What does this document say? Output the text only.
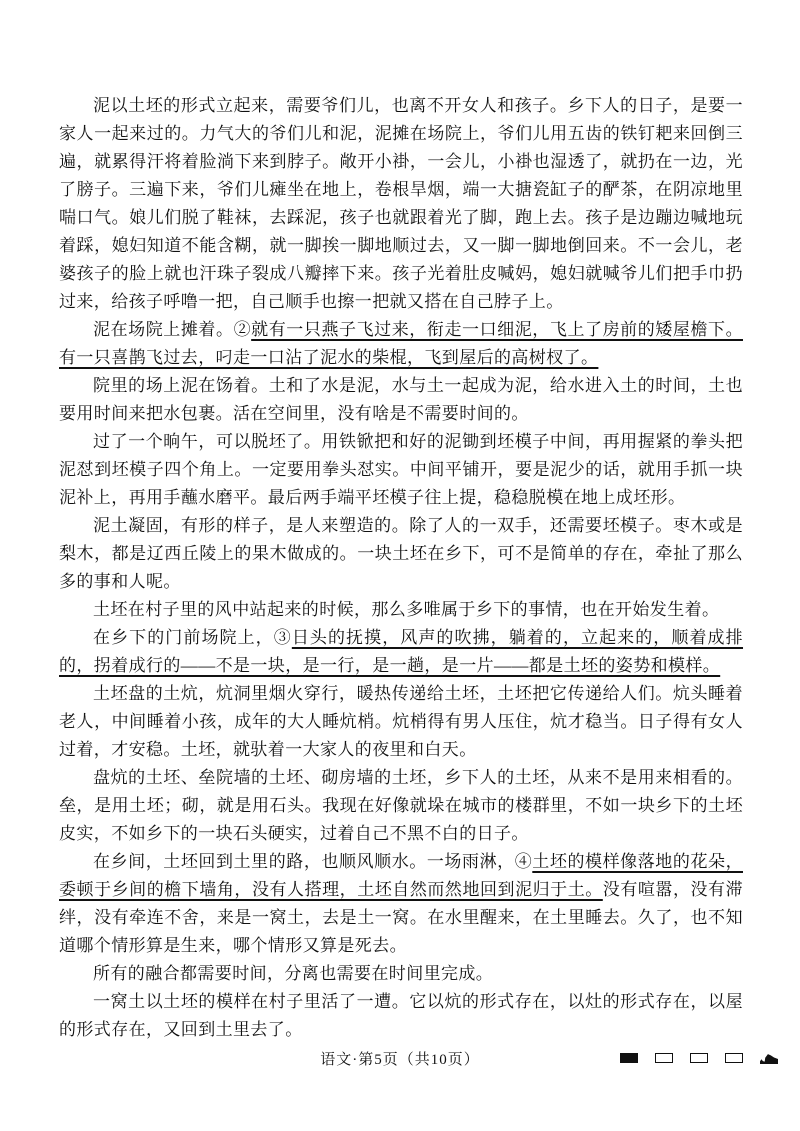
泥以土坯的形式立起来，需要爷们儿，也离不开女人和孩子。乡下人的日子，是要一家人一起来过的。力气大的爷们儿和泥，泥摊在场院上，爷们儿用五齿的铁钉耙来回倒三遍，就累得汗将着脸淌下来到脖子。敞开小褂，一会儿，小褂也湿透了，就扔在一边，光了膀子。三遍下来，爷们儿瘫坐在地上，卷根旱烟，端一大搪瓷缸子的酽茶，在阴凉地里喘口气。娘儿们脱了鞋袜，去踩泥，孩子也就跟着光了脚，跑上去。孩子是边蹦边喊地玩着踩，媳妇知道不能含糊，就一脚挨一脚地顺过去，又一脚一脚地倒回来。不一会儿，老婆孩子的脸上就也汗珠子裂成八瓣摔下来。孩子光着肚皮喊妈，媳妇就喊爷儿们把手巾扔过来，给孩子呼噜一把，自己顺手也擦一把就又搭在自己脖子上。

泥在场院上摊着。②就有一只燕子飞过来，衔走一口细泥，飞上了房前的矮屋檐下。有一只喜鹊飞过去，叼走一口沾了泥水的柴棍，飞到屋后的高树杈了。

院里的场上泥在饧着。土和了水是泥，水与土一起成为泥，给水进入土的时间，土也要用时间来把水包裹。活在空间里，没有啥是不需要时间的。

过了一个晌午，可以脱坯了。用铁锨把和好的泥锄到坯模子中间，再用握紧的拳头把泥怼到坯模子四个角上。一定要用拳头怼实。中间平铺开，要是泥少的话，就用手抓一块泥补上，再用手蘸水磨平。最后两手端平坯模子往上提，稳稳脱模在地上成坯形。

泥土凝固，有形的样子，是人来塑造的。除了人的一双手，还需要坯模子。枣木或是梨木，都是辽西丘陵上的果木做成的。一块土坯在乡下，可不是简单的存在，牵扯了那么多的事和人呢。

土坯在村子里的风中站起来的时候，那么多唯属于乡下的事情，也在开始发生着。

在乡下的门前场院上，③日头的抚摸，风声的吹拂，躺着的，立起来的，顺着成排的，拐着成行的——不是一块，是一行，是一趟，是一片——都是土坯的姿势和模样。

土坯盘的土炕，炕洞里烟火穿行，暖热传递给土坯，土坯把它传递给人们。炕头睡着老人，中间睡着小孩，成年的大人睡炕梢。炕梢得有男人压住，炕才稳当。日子得有女人过着，才安稳。土坯，就驮着一大家人的夜里和白天。

盘炕的土坯、垒院墙的土坯、砌房墙的土坯，乡下人的土坯，从来不是用来相看的。垒，是用土坯；砌，就是用石头。我现在好像就垛在城市的楼群里，不如一块乡下的土坯皮实，不如乡下的一块石头硬实，过着自己不黑不白的日子。

在乡间，土坯回到土里的路，也顺风顺水。一场雨淋，④土坯的模样像落地的花朵，委顿于乡间的檐下墙角，没有人搭理，土坯自然而然地回到泥归于土。没有喧嚣，没有滞绊，没有牵连不舍，来是一窝土，去是土一窝。在水里醒来，在土里睡去。久了，也不知道哪个情形算是生来，哪个情形又算是死去。

所有的融合都需要时间，分离也需要在时间里完成。

一窝土以土坯的模样在村子里活了一遭。它以炕的形式存在，以灶的形式存在，以屋的形式存在，又回到土里去了。

语文·第5页（共10页）
